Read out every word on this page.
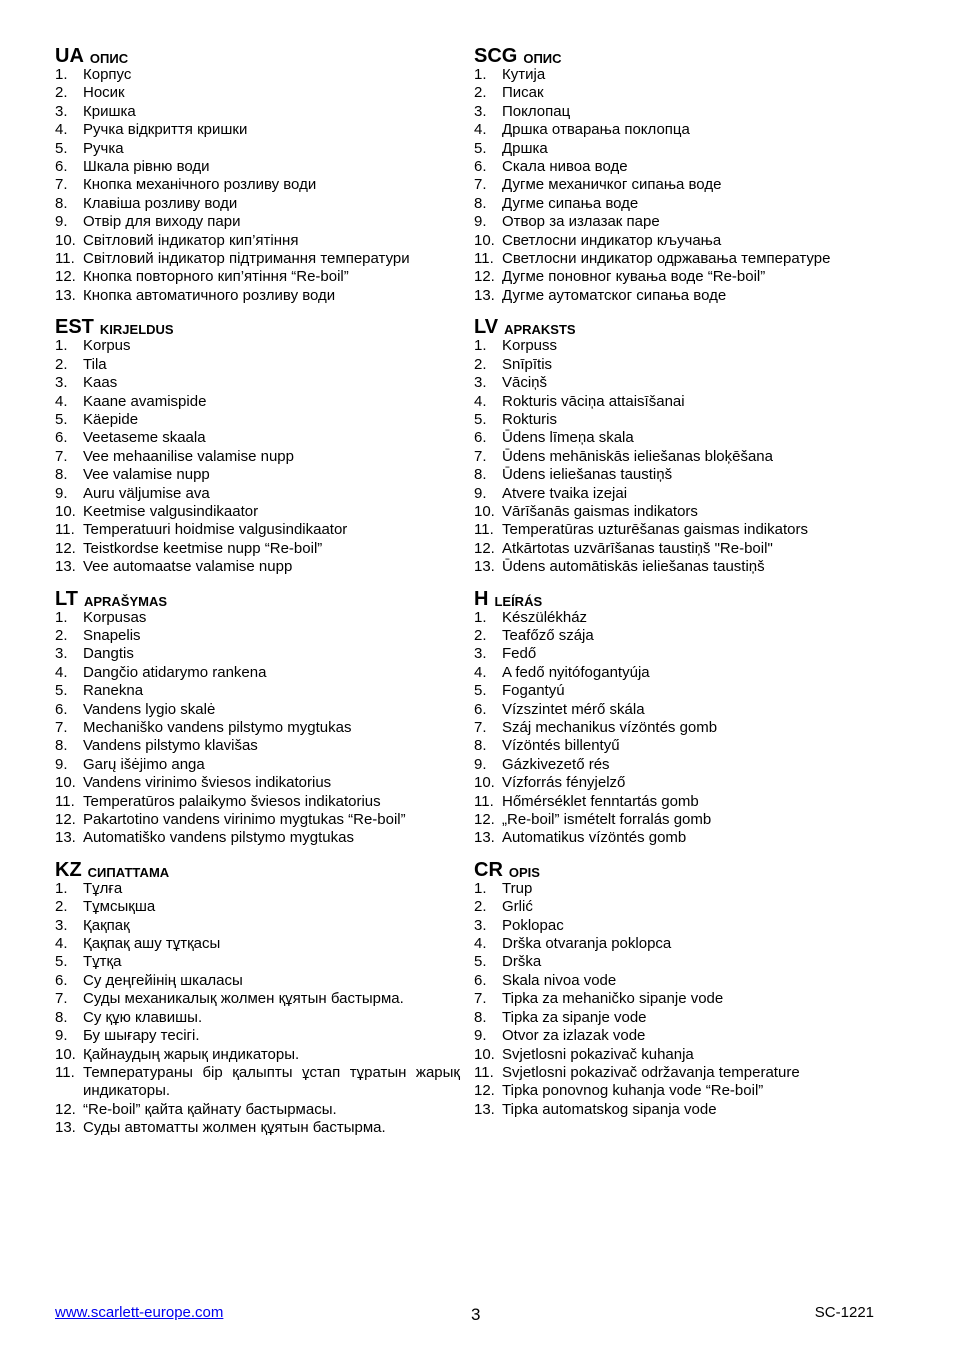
UA ОПИС
1.	Корпус
2.	Носик
3.	Кришка
4.	Ручка відкриття кришки
5.	Ручка
6.	Шкала рівню води
7.	Кнопка механічного розливу води
8.	Клавіша розливу води
9.	Отвір для виходу пари
10. Світловий індикатор кип’ятіння
11. Світловий індикатор підтримання температури
12. Кнопка повторного кип’ятіння “Re-boil”
13. Кнопка автоматичного розливу води
EST KIRJELDUS
1.	Korpus
2.	Tila
3.	Kaas
4.	Kaane avamispide
5.	Käepide
6.	Veetaseme skaala
7.	Vee mehaanilise valamise nupp
8.	Vee valamise nupp
9.	Auru väljumise ava
10. Keetmise valgusindikaator
11. Temperatuuri hoidmise valgusindikaator
12. Teistkordse keetmise nupp “Re-boil”
13. Vee automaatse valamise nupp
LT APRAŠYMAS
1.	Korpusas
2.	Snapelis
3.	Dangtis
4.	Dangčio atidarymo rankena
5.	Ranekna
6.	Vandens lygio skalė
7.	Mechaniško vandens pilstymo mygtukas
8.	Vandens pilstymo klavišas
9.	Garų išėjimo anga
10. Vandens virinimo šviesos indikatorius
11. Temperatūros palaikymo šviesos indikatorius
12. Pakartotino vandens virinimo mygtukas “Re-boil”
13. Automatiško vandens pilstymo mygtukas
KZ СИПАТТАМА
1.	Тұлға
2.	Тұмсықша
3.	Қақпақ
4.	Қақпақ ашу тұтқасы
5.	Тұтқа
6.	Су деңгейінің шкаласы
7.	Суды механикалық жолмен құятын бастырма.
8.	Су құю клавишы.
9.	Бу шығару тесігі.
10. Қайнаудың жарық индикаторы.
11. Температураны бір қалыпты ұстап тұратын жарық индикаторы.
12. “Re-boil” қайта қайнату бастырмасы.
13. Суды автоматты жолмен құятын бастырма.
SCG ОПИС
1.	Кутија
2.	Писак
3.	Поклопац
4.	Дршка отварања поклопца
5.	Дршка
6.	Скала нивоа воде
7.	Дугме механичког сипања воде
8.	Дугме сипања воде
9.	Отвор за излазак паре
10. Светлосни индикатор кључања
11. Светлосни индикатор одржавања температуре
12. Дугме поновног кувања воде “Re-boil”
13. Дугме аутоматског сипања воде
LV APRAKSTS
1.	Korpuss
2.	Snīpītis
3.	Vāciņš
4.	Rokturis vāciņa attaisīšanai
5.	Rokturis
6.	Ūdens līmeņa skala
7.	Ūdens mehāniskās ieliešanas bloķēšana
8.	Ūdens ieliešanas taustiņš
9.	Atvere tvaika izejai
10. Vārīšanās gaismas indikators
11. Temperatūras uzturēšanas gaismas indikators
12. Atkārtotas uzvārīšanas taustiņš "Re-boil"
13. Ūdens automātiskās ieliešanas taustiņš
H LEÍRÁS
1.	Készülékház
2.	Teafőző szája
3.	Fedő
4.	A fedő nyitófogantyúja
5.	Fogantyú
6.	Vízszintet mérő skála
7.	Száj mechanikus vízöntés gomb
8.	Vízöntés billentyű
9.	Gázkivezető rés
10. Vízforrás fényjelző
11. Hőmérséklet fenntartás gomb
12. „Re-boil” ismételt forralás gomb
13. Automatikus vízöntés gomb
CR OPIS
1.	Trup
2.	Grlić
3.	Poklopac
4.	Drška otvaranja poklopca
5.	Drška
6.	Skala nivoa vode
7.	Tipka za mehaničko sipanje vode
8.	Tipka za sipanje vode
9.	Otvor za izlazak vode
10. Svjetlosni pokazivač kuhanja
11. Svjetlosni pokazivač održavanja temperature
12. Tipka ponovnog kuhanja vode “Re-boil”
13. Tipka automatskog sipanja vode
www.scarlett-europe.com	3	SC-1221
